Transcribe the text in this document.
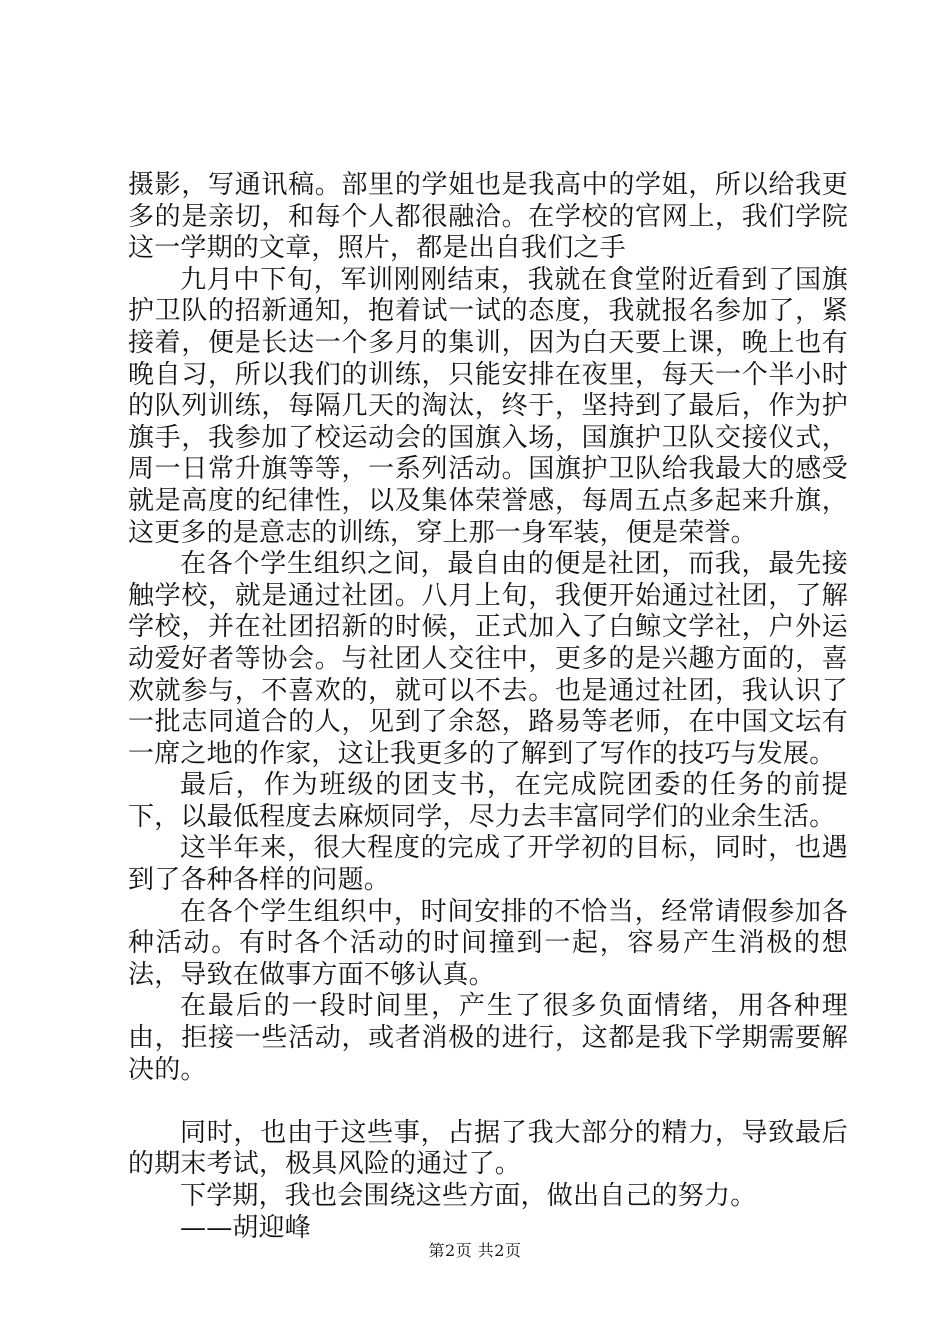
摄影，写通讯稿。部里的学姐也是我高中的学姐，所以给我更多的是亲切，和每个人都很融洽。在学校的官网上，我们学院这一学期的文章，照片，都是出自我们之手

九月中下旬，军训刚刚结束，我就在食堂附近看到了国旗护卫队的招新通知，抱着试一试的态度，我就报名参加了，紧接着，便是长达一个多月的集训，因为白天要上课，晚上也有晚自习，所以我们的训练，只能安排在夜里，每天一个半小时的队列训练，每隔几天的淘汰，终于，坚持到了最后，作为护旗手，我参加了校运动会的国旗入场，国旗护卫队交接仪式，周一日常升旗等等，一系列活动。国旗护卫队给我最大的感受就是高度的纪律性，以及集体荣誉感，每周五点多起来升旗，这更多的是意志的训练，穿上那一身军装，便是荣誉。

在各个学生组织之间，最自由的便是社团，而我，最先接触学校，就是通过社团。八月上旬，我便开始通过社团，了解学校，并在社团招新的时候，正式加入了白鲸文学社，户外运动爱好者等协会。与社团人交往中，更多的是兴趣方面的，喜欢就参与，不喜欢的，就可以不去。也是通过社团，我认识了一批志同道合的人，见到了余怒，路易等老师，在中国文坛有一席之地的作家，这让我更多的了解到了写作的技巧与发展。

最后，作为班级的团支书，在完成院团委的任务的前提下，以最低程度去麻烦同学，尽力去丰富同学们的业余生活。

这半年来，很大程度的完成了开学初的目标，同时，也遇到了各种各样的问题。

在各个学生组织中，时间安排的不恰当，经常请假参加各种活动。有时各个活动的时间撞到一起，容易产生消极的想法，导致在做事方面不够认真。

在最后的一段时间里，产生了很多负面情绪，用各种理由，拒接一些活动，或者消极的进行，这都是我下学期需要解决的。

同时，也由于这些事，占据了我大部分的精力，导致最后的期末考试，极具风险的通过了。

下学期，我也会围绕这些方面，做出自己的努力。

——胡迎峰

第2页 共2页
